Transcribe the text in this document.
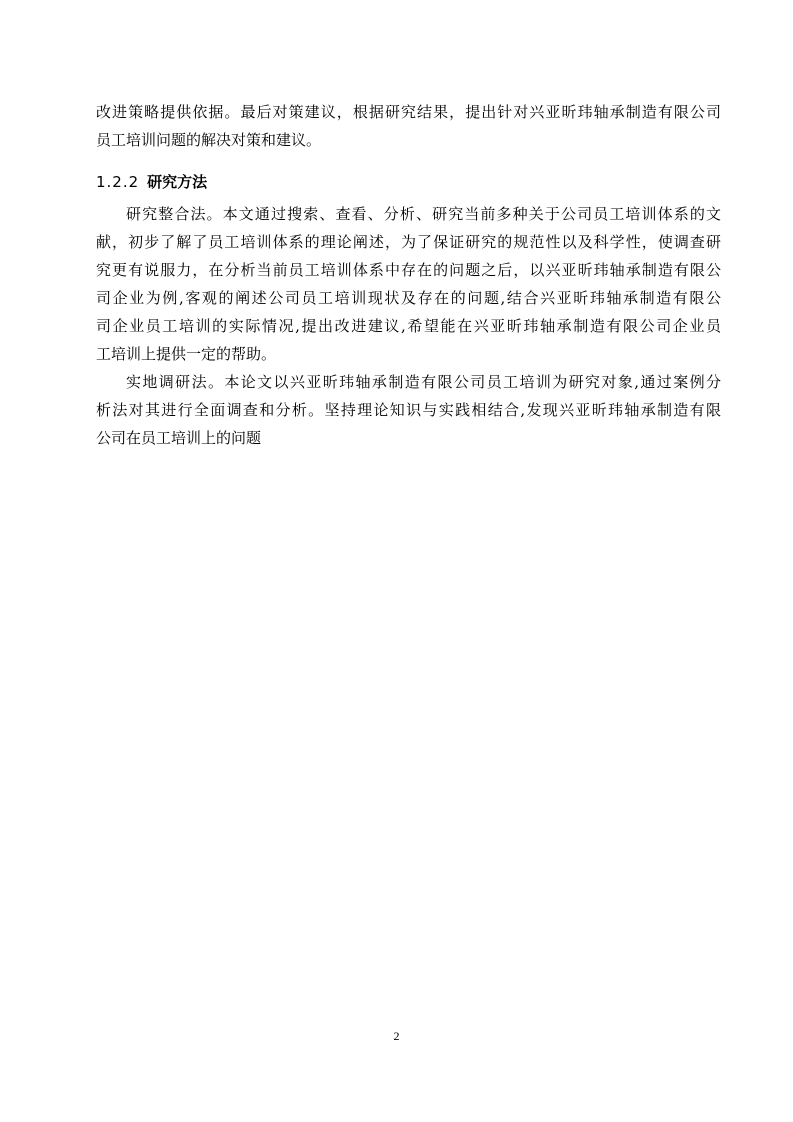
改进策略提供依据。最后对策建议，根据研究结果，提出针对兴亚昕玮轴承制造有限公司
员工培训问题的解决对策和建议。
1.2.2 研究方法
研究整合法。本文通过搜索、查看、分析、研究当前多种关于公司员工培训体系的文
献，初步了解了员工培训体系的理论阐述，为了保证研究的规范性以及科学性，使调查研
究更有说服力，在分析当前员工培训体系中存在的问题之后，以兴亚昕玮轴承制造有限公
司企业为例,客观的阐述公司员工培训现状及存在的问题,结合兴亚昕玮轴承制造有限公
司企业员工培训的实际情况,提出改进建议,希望能在兴亚昕玮轴承制造有限公司企业员
工培训上提供一定的帮助。
实地调研法。本论文以兴亚昕玮轴承制造有限公司员工培训为研究对象,通过案例分
析法对其进行全面调查和分析。坚持理论知识与实践相结合,发现兴亚昕玮轴承制造有限
公司在员工培训上的问题
2
